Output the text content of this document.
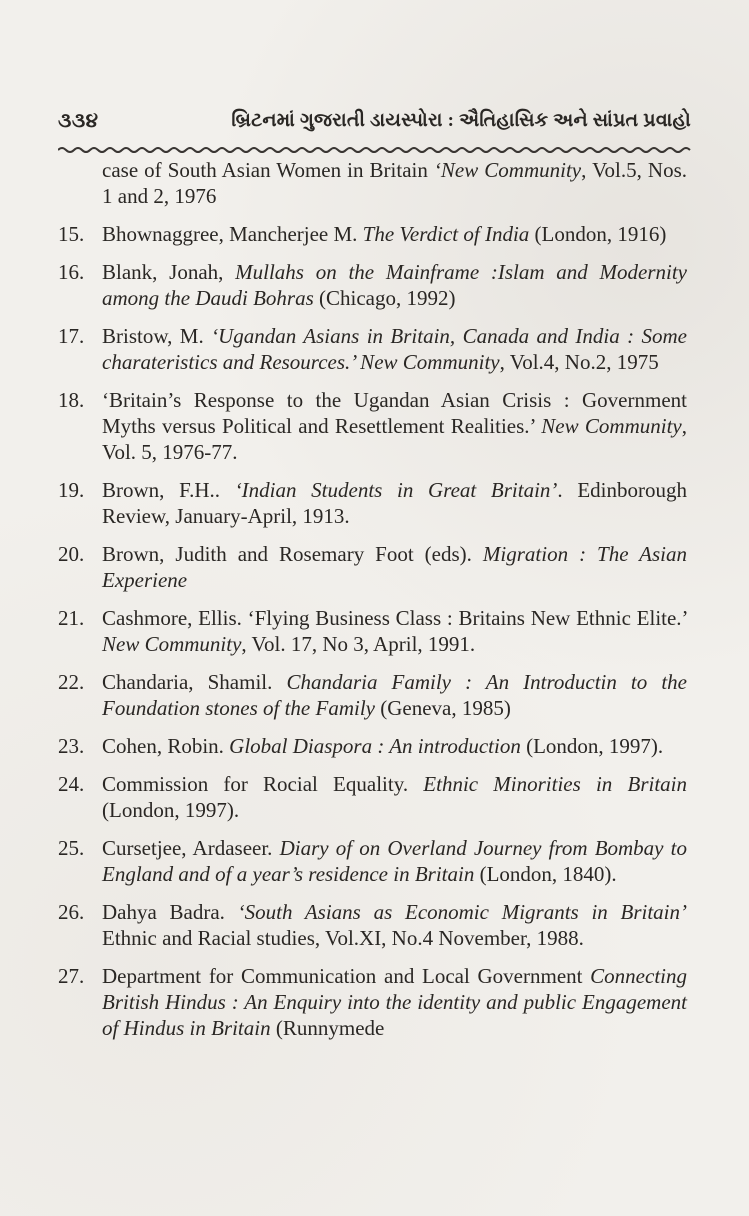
૩૩૪	બ્રિટનમાં ગુજરાતી ડાયસ્પોરા : ઐતિહાસિક અને સાંપ્રત પ્રવાહો
case of South Asian Women in Britain ‘New Community, Vol.5, Nos. 1 and 2, 1976
15. Bhownaggree, Mancherjee M. The Verdict of India (London, 1916)
16. Blank, Jonah, Mullahs on the Mainframe :Islam and Modernity among the Daudi Bohras (Chicago, 1992)
17. Bristow, M. ‘Ugandan Asians in Britain, Canada and India : Some charateristics and Resources.’ New Community, Vol.4, No.2, 1975
18. ‘Britain’s Response to the Ugandan Asian Crisis : Government Myths versus Political and Resettlement Realities.’ New Community, Vol. 5, 1976-77.
19. Brown, F.H.. ‘Indian Students in Great Britain’. Edinborough Review, January-April, 1913.
20. Brown, Judith and Rosemary Foot (eds). Migration : The Asian Experiene
21. Cashmore, Ellis. ‘Flying Business Class : Britains New Ethnic Elite.’ New Community, Vol. 17, No 3, April, 1991.
22. Chandaria, Shamil. Chandaria Family : An Introductin to the Foundation stones of the Family (Geneva, 1985)
23. Cohen, Robin. Global Diaspora : An introduction (London, 1997).
24. Commission for Rocial Equality. Ethnic Minorities in Britain (London, 1997).
25. Cursetjee, Ardaseer. Diary of on Overland Journey from Bombay to England and of a year’s residence in Britain (London, 1840).
26. Dahya Badra. ‘South Asians as Economic Migrants in Britain’ Ethnic and Racial studies, Vol.XI, No.4 November, 1988.
27. Department for Communication and Local Government Connecting British Hindus : An Enquiry into the identity and public Engagement of Hindus in Britain (Runnymede
